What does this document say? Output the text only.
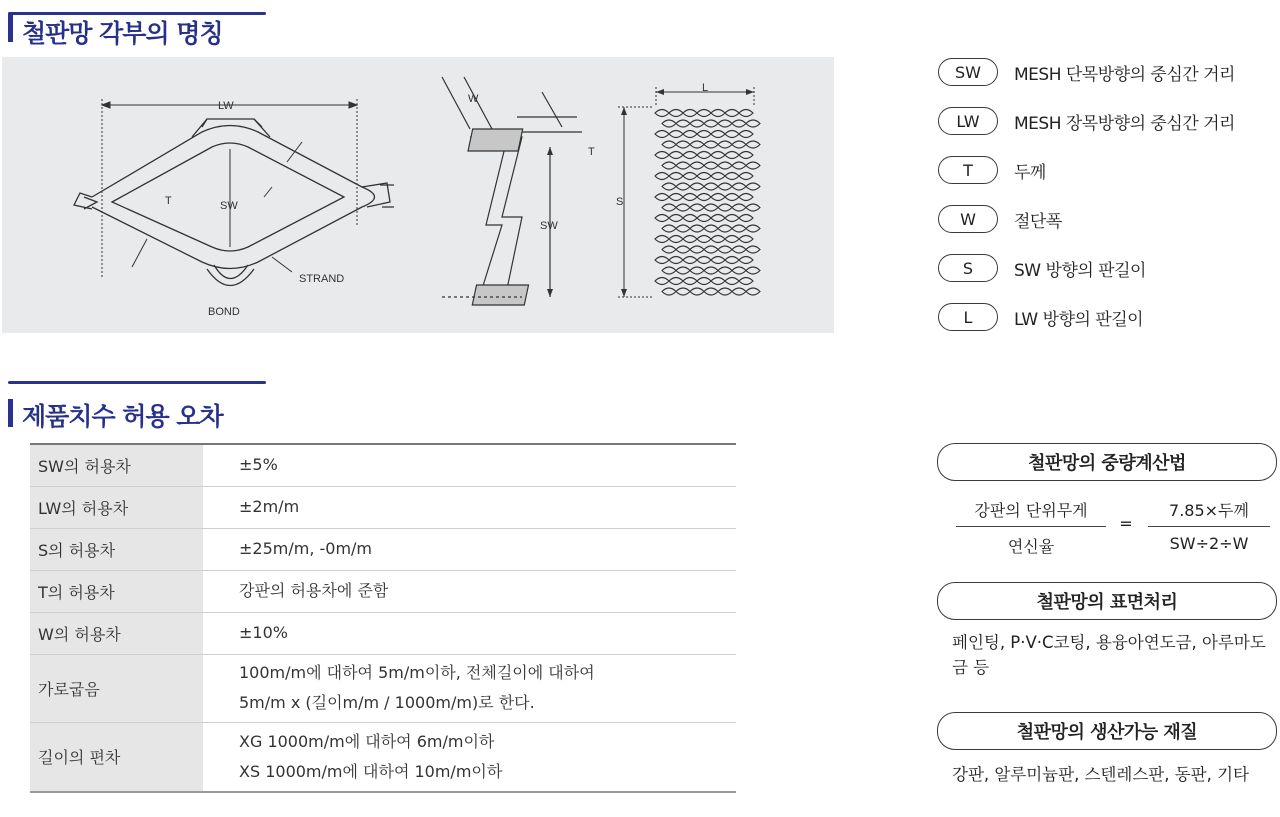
철판망 각부의 명칭
LW
T	SW
STRAND
BOND
W
T
SW
S
L
SW	MESH 단목방향의 중심간 거리
LW	MESH 장목방향의 중심간 거리
T	두께
W	절단폭
S	SW 방향의 판길이
L	LW 방향의 판길이
제품치수 허용 오차
SW의 허용차	±5%

LW의 허용차	±2m/m

S의 허용차	±25m/m, -0m/m

T의 허용차	강판의 허용차에 준함

W의 허용차	±10%

가로굽음	100m/m에 대하여 5m/m이하, 전체길이에 대하여
5m/m x (길이m/m / 1000m/m)로 한다.

길이의 편차	XG 1000m/m에 대하여 6m/m이하
XS 1000m/m에 대하여 10m/m이하
철판망의 중량계산법
강판의 단위무게
연신율
=
7.85×두께
SW÷2÷W
철판망의 표면처리
페인팅, P·V·C코팅, 용융아연도금, 아루마도금 등
철판망의 생산가능 재질
강판, 알루미늄판, 스텐레스판, 동판, 기타
